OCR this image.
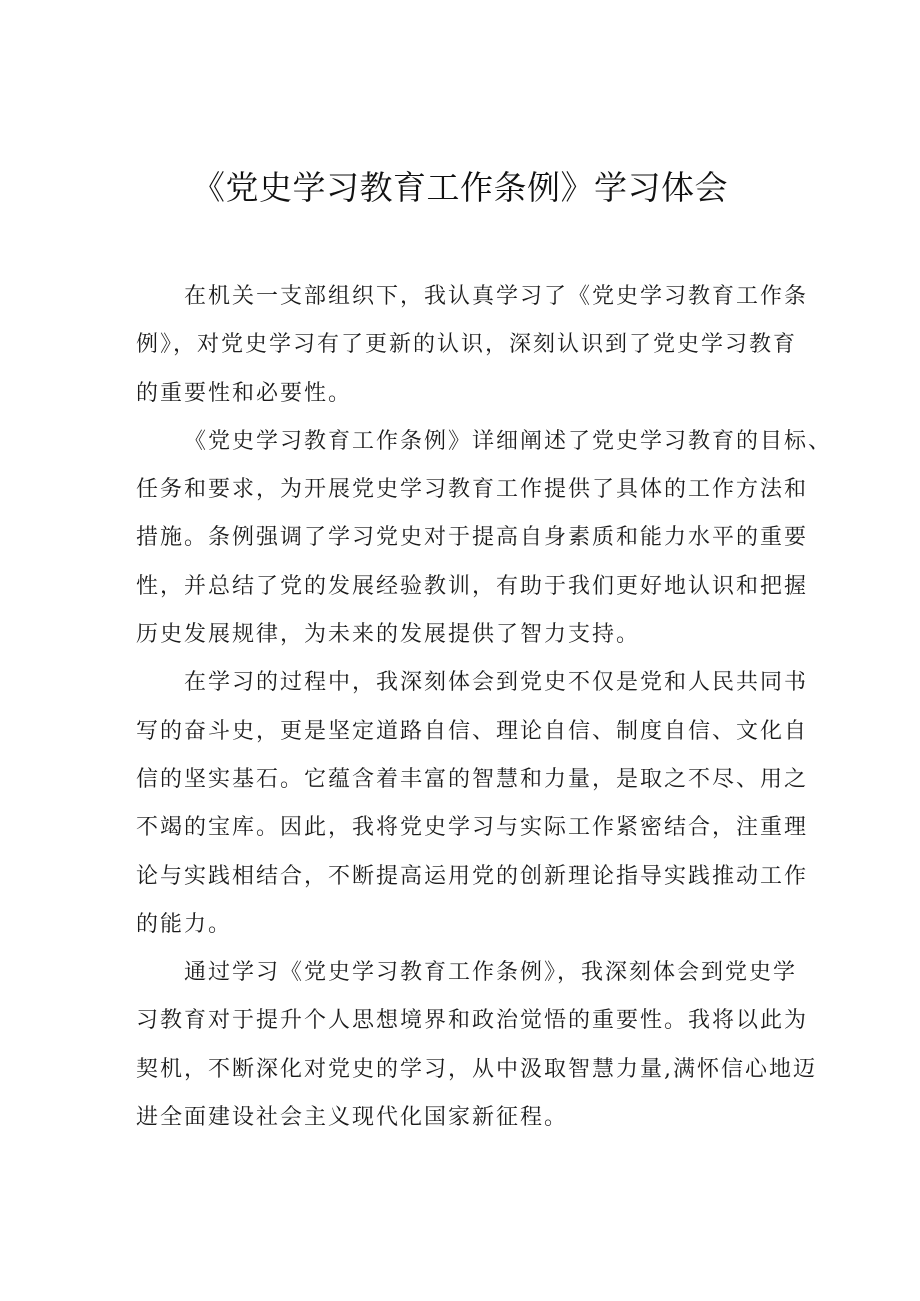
《党史学习教育工作条例》学习体会

在机关一支部组织下，我认真学习了《党史学习教育工作条
例》，对党史学习有了更新的认识，深刻认识到了党史学习教育
的重要性和必要性。

《党史学习教育工作条例》详细阐述了党史学习教育的目标、
任务和要求，为开展党史学习教育工作提供了具体的工作方法和
措施。条例强调了学习党史对于提高自身素质和能力水平的重要
性，并总结了党的发展经验教训，有助于我们更好地认识和把握
历史发展规律，为未来的发展提供了智力支持。

在学习的过程中，我深刻体会到党史不仅是党和人民共同书
写的奋斗史，更是坚定道路自信、理论自信、制度自信、文化自
信的坚实基石。它蕴含着丰富的智慧和力量，是取之不尽、用之
不竭的宝库。因此，我将党史学习与实际工作紧密结合，注重理
论与实践相结合，不断提高运用党的创新理论指导实践推动工作
的能力。

通过学习《党史学习教育工作条例》，我深刻体会到党史学
习教育对于提升个人思想境界和政治觉悟的重要性。我将以此为
契机，不断深化对党史的学习，从中汲取智慧力量,满怀信心地迈
进全面建设社会主义现代化国家新征程。
